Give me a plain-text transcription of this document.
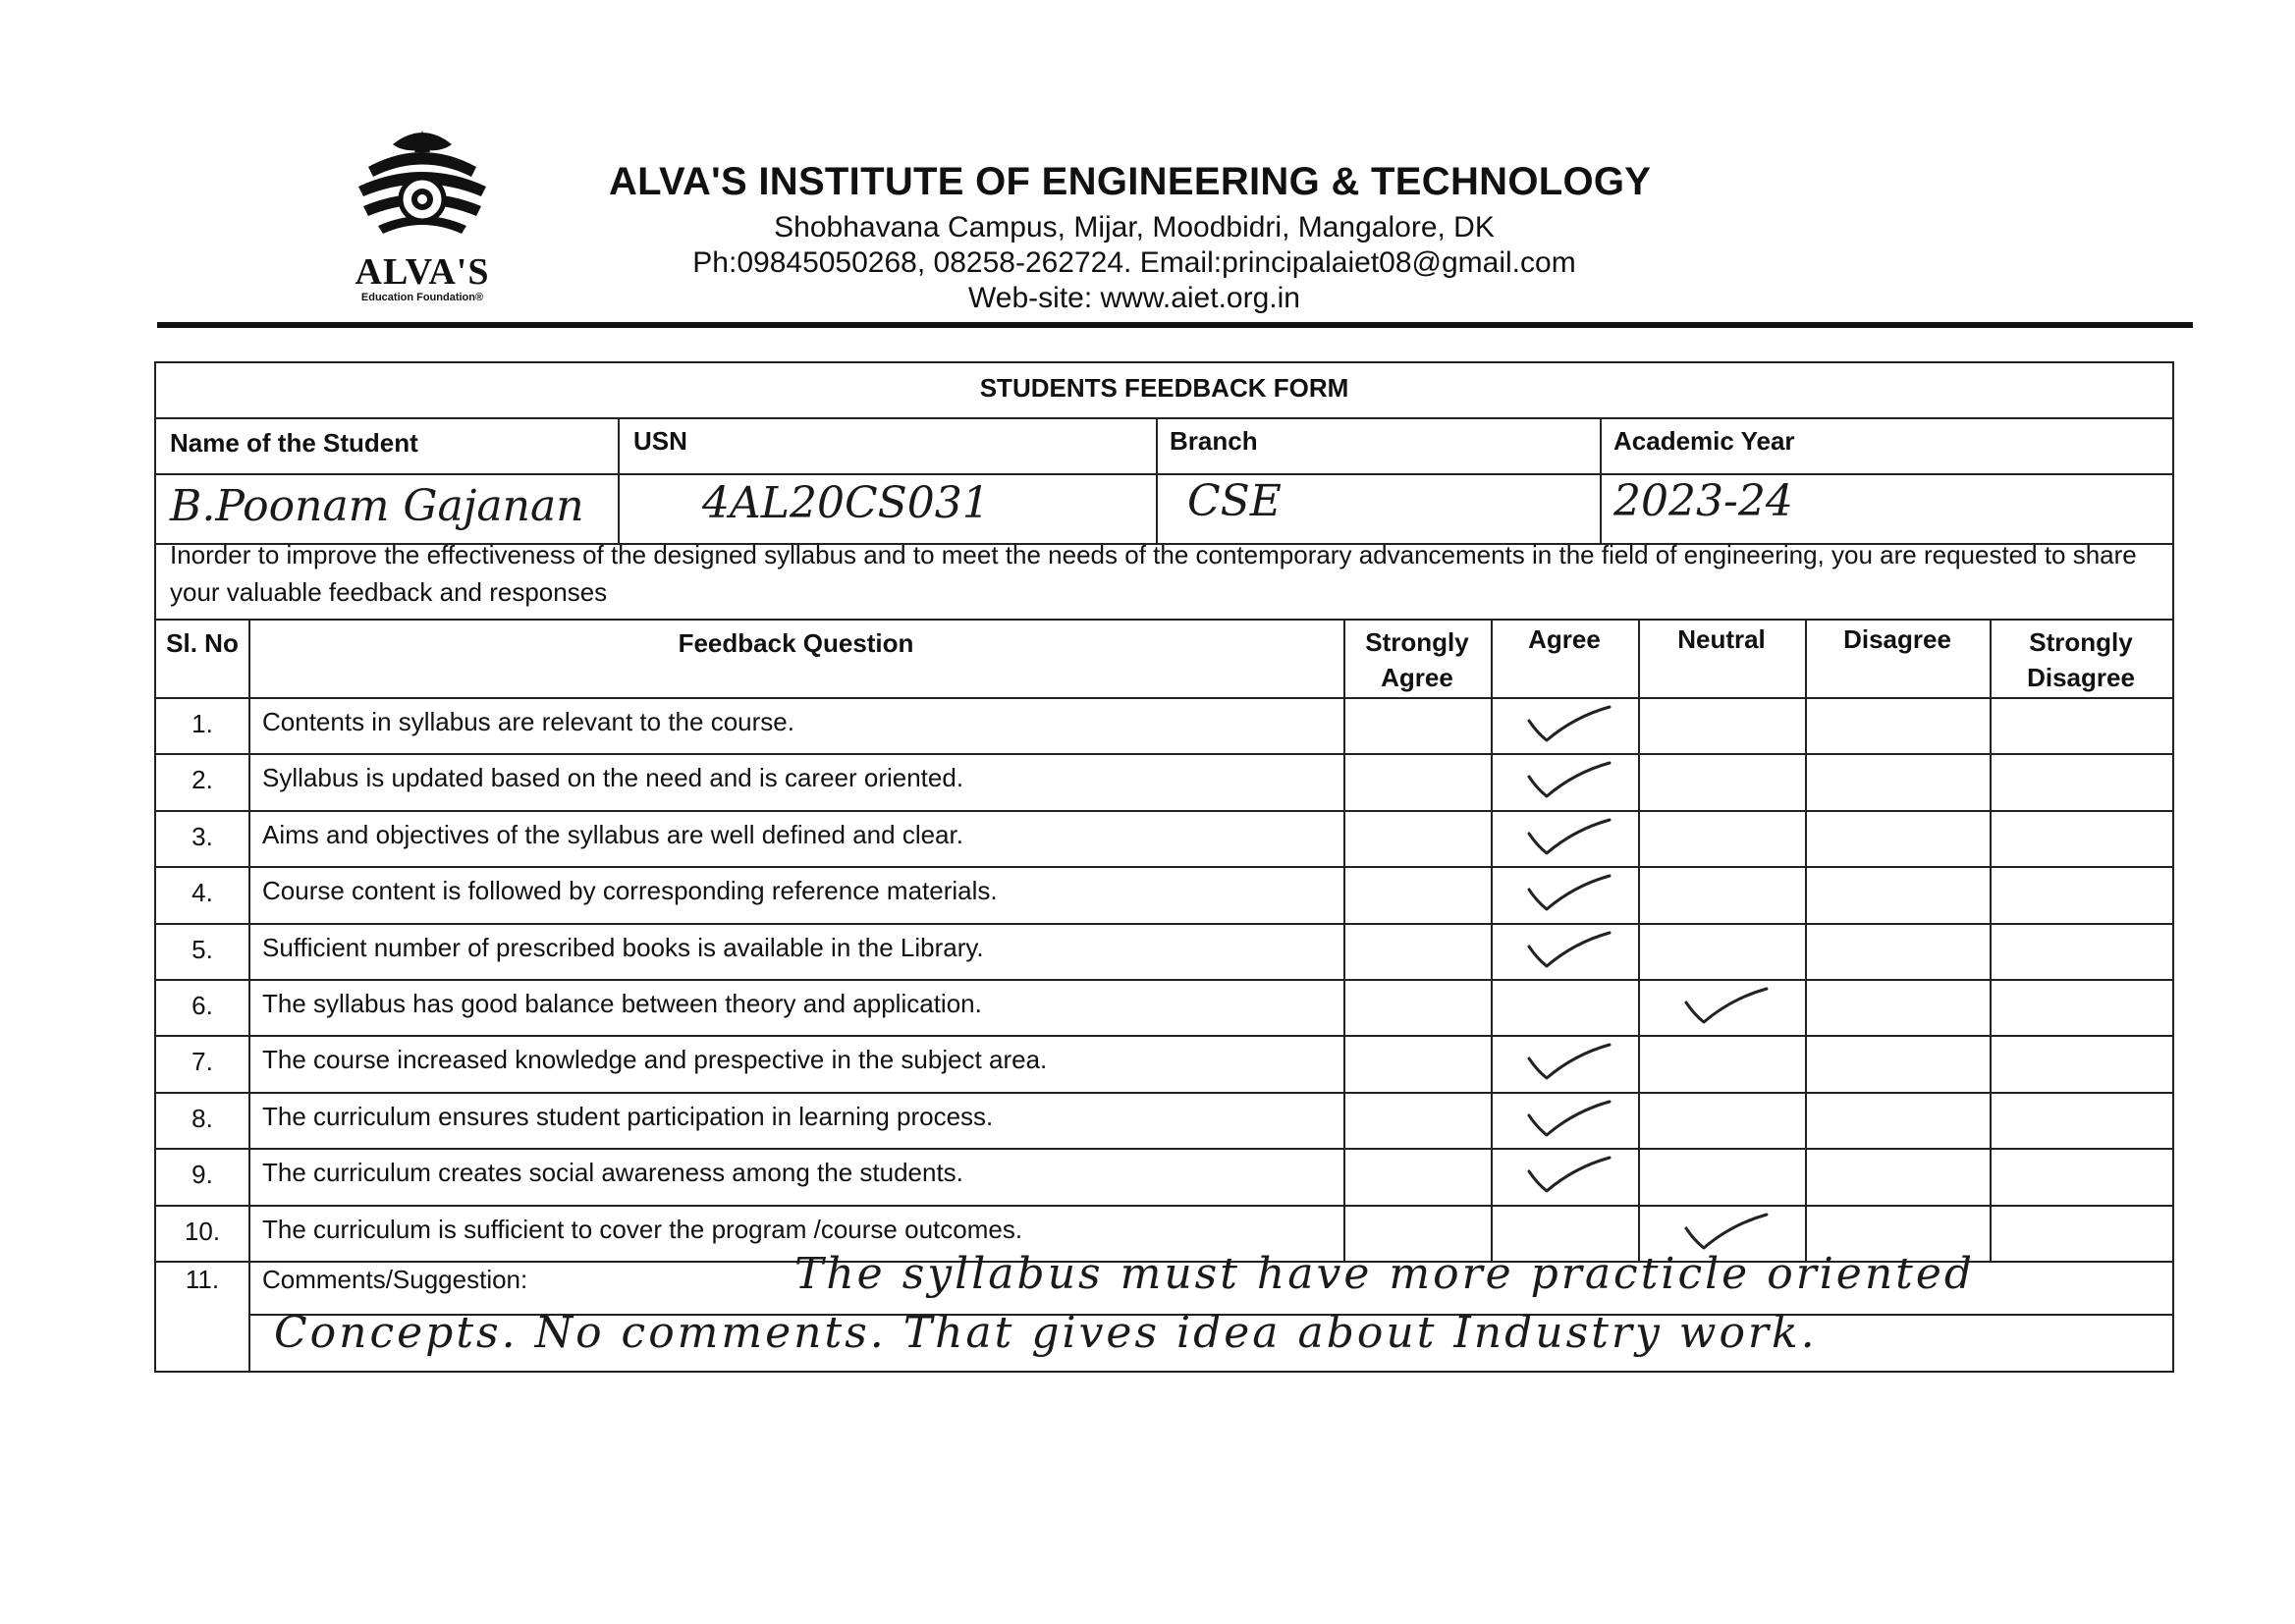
ALVA'S
Education Foundation®
ALVA'S INSTITUTE OF ENGINEERING & TECHNOLOGY
Shobhavana Campus, Mijar, Moodbidri, Mangalore, DK
Ph:09845050268, 08258-262724. Email:principalaiet08@gmail.com
Web-site: www.aiet.org.in
STUDENTS FEEDBACK FORM
Name of the Student	USN	Branch	Academic Year
B.Poonam Gajanan	4AL20CS031	CSE	2023-24
Inorder to improve the effectiveness of the designed syllabus and to meet the needs of the contemporary advancements in the field of engineering, you are requested to share your valuable feedback and responses
Sl. No	Feedback Question	Strongly
Agree
Agree	Neutral	Disagree	Strongly
Disagree
1.	Contents in syllabus are relevant to the course.
2.	Syllabus is updated based on the need and is career oriented.
3.	Aims and objectives of the syllabus are well defined and clear.
4.	Course content is followed by corresponding reference materials.
5.	Sufficient number of prescribed books is available in the Library.
6.	The syllabus has good balance between theory and application.
7.	The course increased knowledge and prespective in the subject area.
8.	The curriculum ensures student participation in learning process.
9.	The curriculum creates social awareness among the students.
10.	The curriculum is sufficient to cover the program /course outcomes.
11.	Comments/Suggestion:	The syllabus must have more practicle oriented
Concepts. No comments. That gives idea about Industry work.
